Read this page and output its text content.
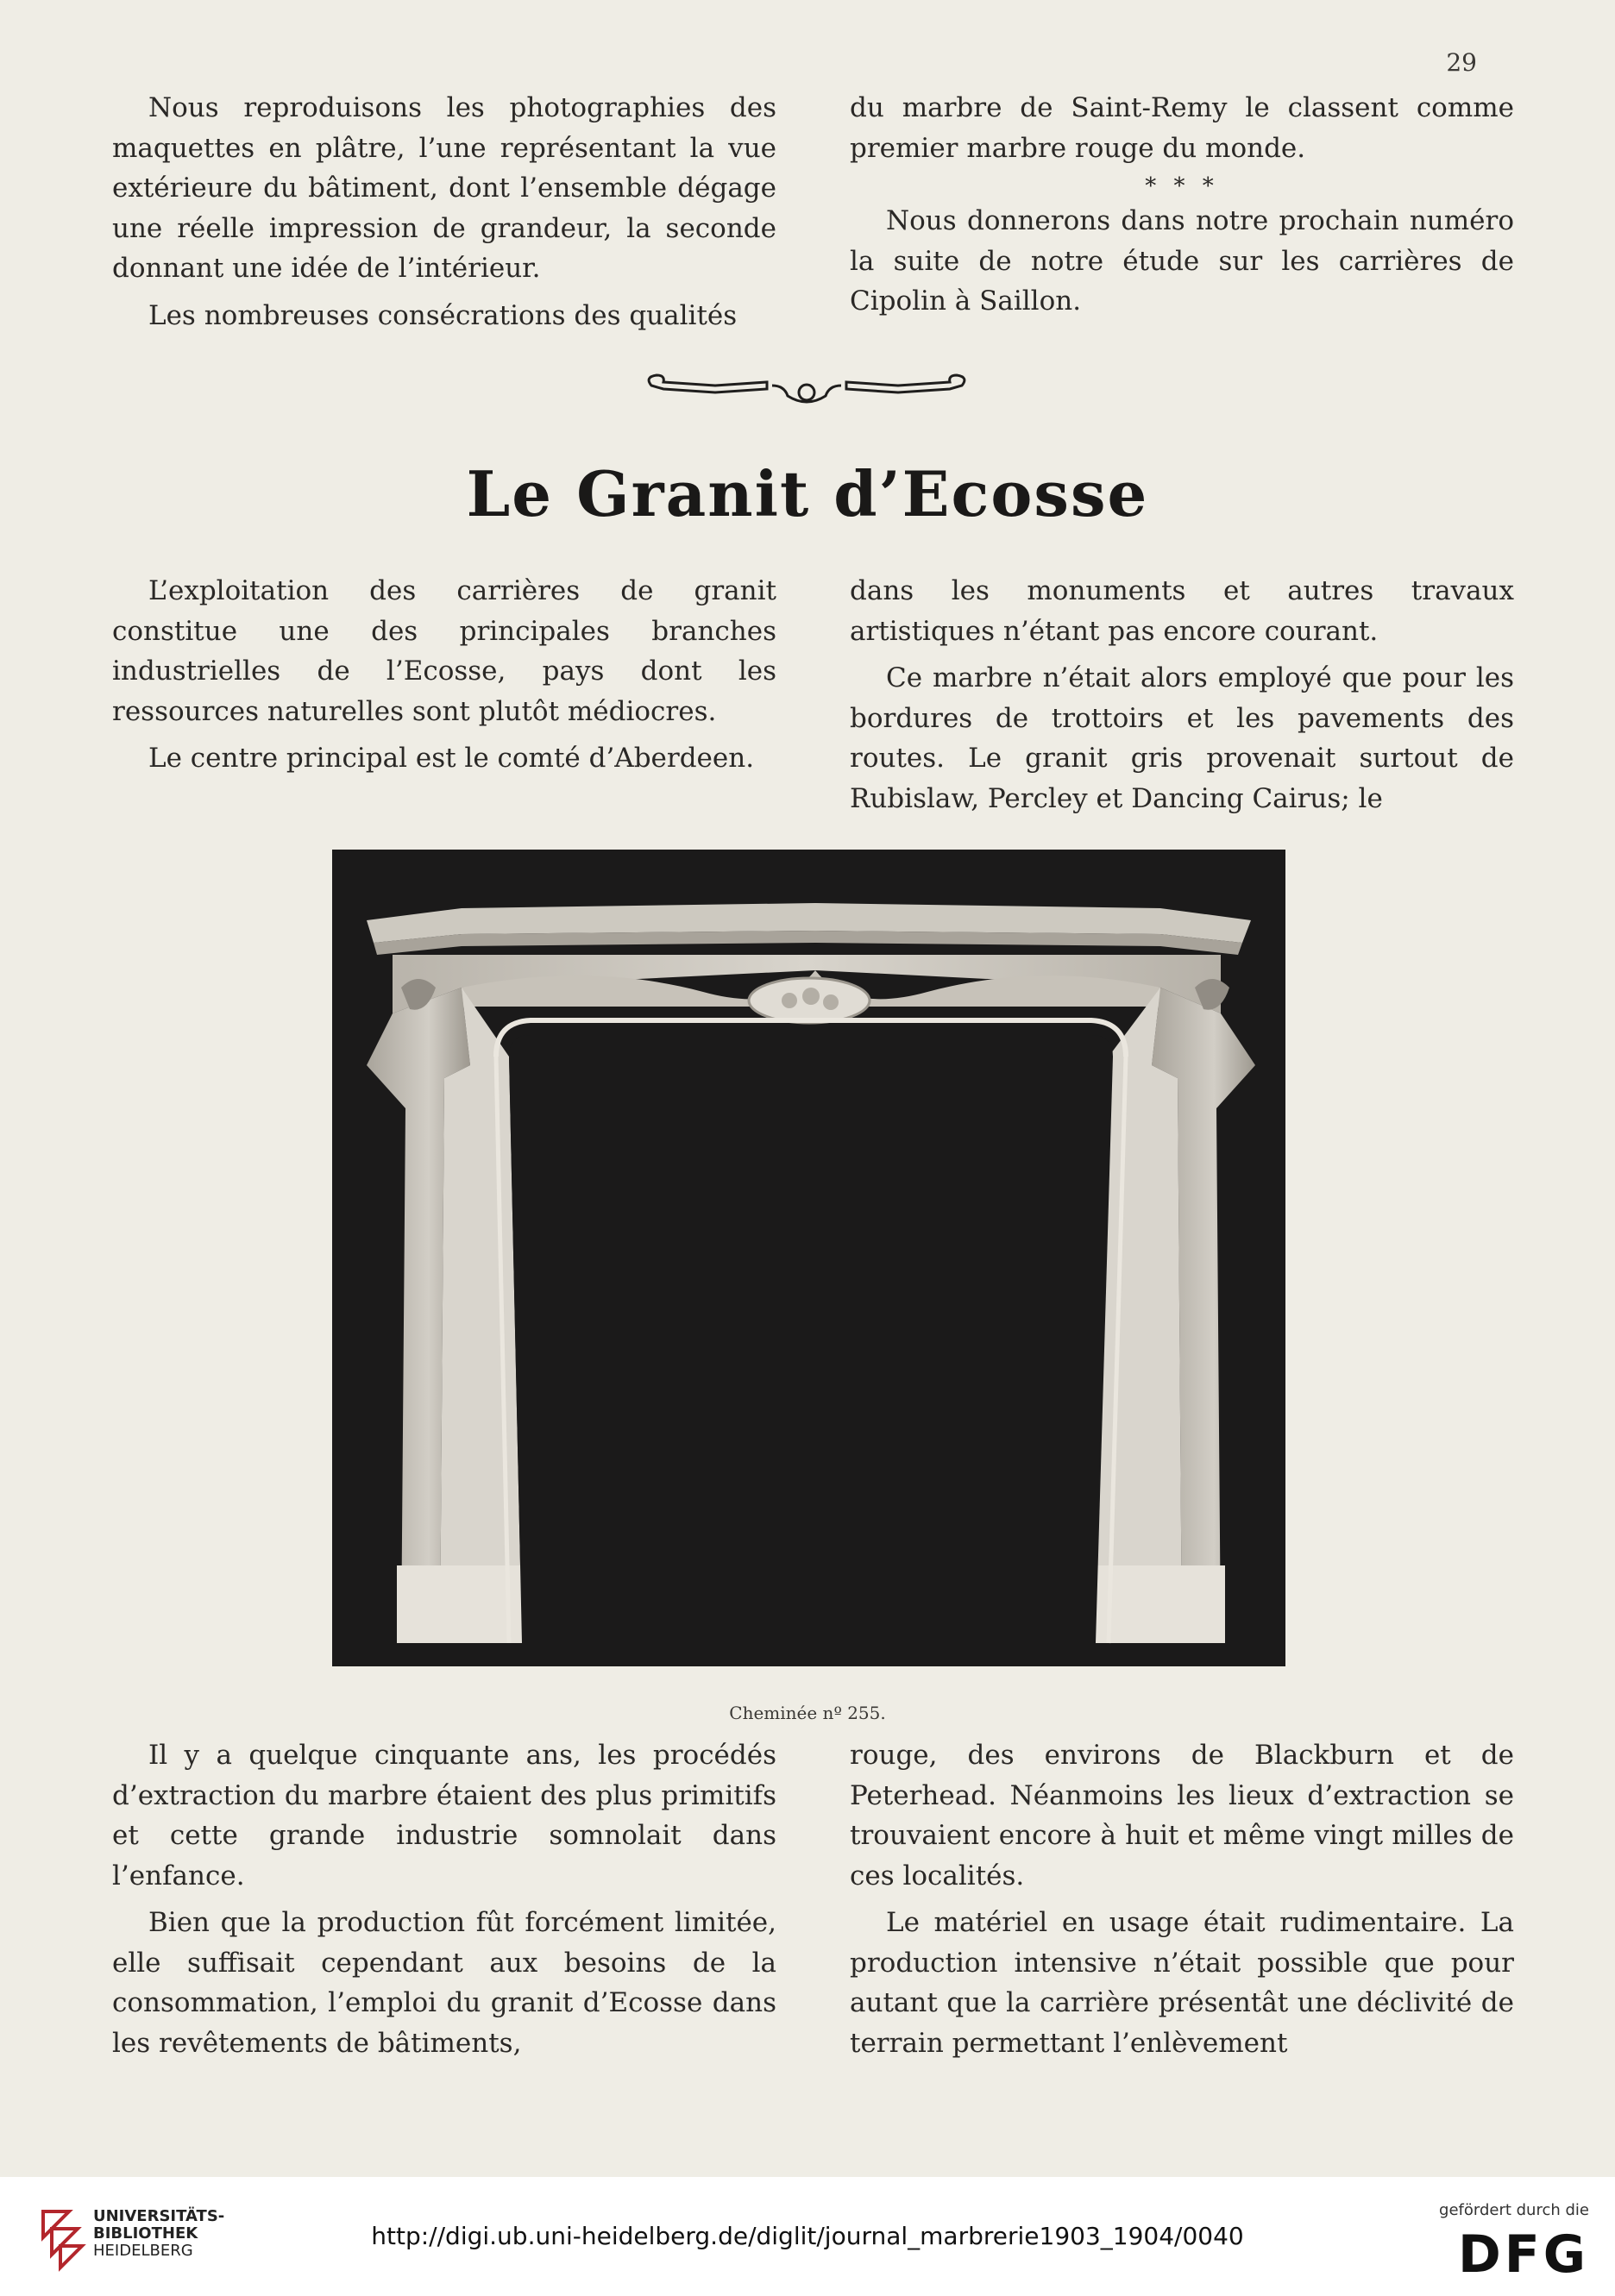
29

Nous reproduisons les photographies des maquettes en plâtre, l’une représentant la vue extérieure du bâtiment, dont l’ensemble dégage une réelle impression de grandeur, la seconde donnant une idée de l’intérieur.

Les nombreuses consécrations des qualités

du marbre de Saint-Remy le classent comme premier marbre rouge du monde.

* * *

Nous donnerons dans notre prochain numéro la suite de notre étude sur les carrières de Cipolin à Saillon.

Le Granit d’Ecosse

L’exploitation des carrières de granit constitue une des principales branches industrielles de l’Ecosse, pays dont les ressources naturelles sont plutôt médiocres.

Le centre principal est le comté d’Aberdeen.

dans les monuments et autres travaux artistiques n’étant pas encore courant.

Ce marbre n’était alors employé que pour les bordures de trottoirs et les pavements des routes. Le granit gris provenait surtout de Rubislaw, Percley et Dancing Cairus; le

Cheminée nº 255.

Il y a quelque cinquante ans, les procédés d’extraction du marbre étaient des plus primitifs et cette grande industrie somnolait dans l’enfance.

Bien que la production fût forcément limitée, elle suffisait cependant aux besoins de la consommation, l’emploi du granit d’Ecosse dans les revêtements de bâtiments,

rouge, des environs de Blackburn et de Peterhead. Néanmoins les lieux d’extraction se trouvaient encore à huit et même vingt milles de ces localités.

Le matériel en usage était rudimentaire. La production intensive n’était possible que pour autant que la carrière présentât une déclivité de terrain permettant l’enlèvement

UNIVERSITÄTS-
BIBLIOTHEK
HEIDELBERG
http://digi.ub.uni-heidelberg.de/diglit/journal_marbrerie1903_1904/0040
gefördert durch die
DFG
